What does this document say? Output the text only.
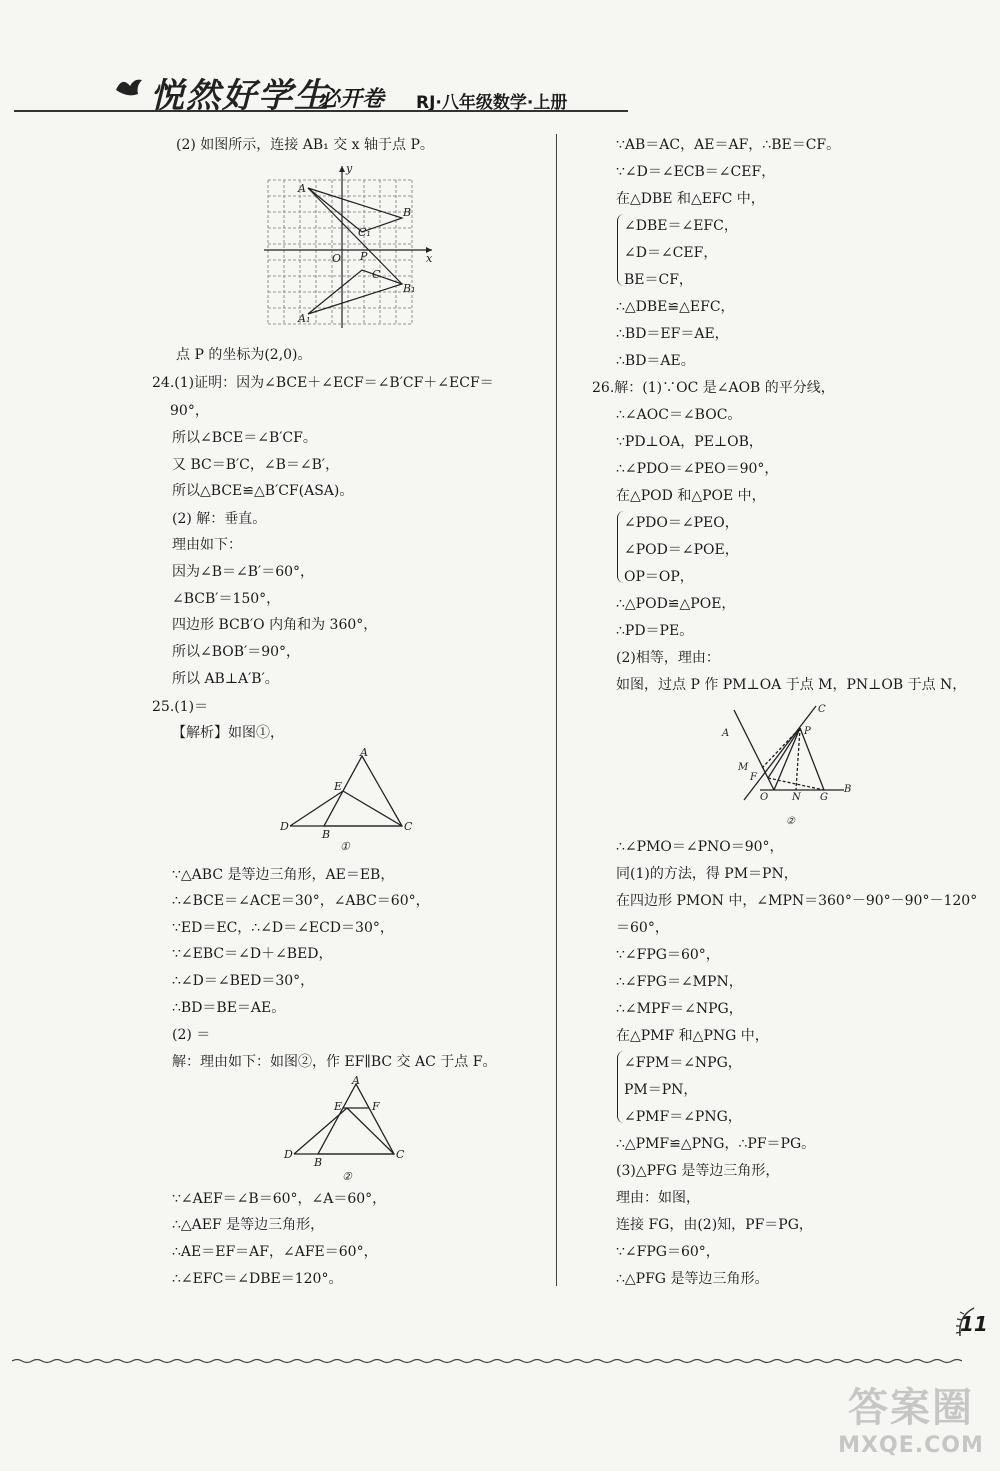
悦然好学生
必开卷 RJ·八年级数学·上册
(2) 如图所示，连接 AB₁ 交 x 轴于点 P。
点 P 的坐标为(2,0)。
24.(1)证明：因为∠BCE＋∠ECF＝∠B′CF＋∠ECF＝
90°，
所以∠BCE＝∠B′CF。
又 BC＝B′C，∠B＝∠B′，
所以△BCE≌△B′CF(ASA)。
(2) 解：垂直。
理由如下：
因为∠B＝∠B′＝60°，
∠BCB′＝150°，
四边形 BCB′O 内角和为 360°，
所以∠BOB′＝90°，
所以 AB⊥A′B′。
25.(1)＝
【解析】如图①，
∵△ABC 是等边三角形，AE＝EB，
∴∠BCE＝∠ACE＝30°，∠ABC＝60°，
∵ED＝EC，∴∠D＝∠ECD＝30°，
∵∠EBC＝∠D＋∠BED，
∴∠D＝∠BED＝30°，
∴BD＝BE＝AE。
(2) ＝
解：理由如下：如图②，作 EF∥BC 交 AC 于点 F。
∵∠AEF＝∠B＝60°，∠A＝60°，
∴△AEF 是等边三角形，
∴AE＝EF＝AF，∠AFE＝60°，
∴∠EFC＝∠DBE＝120°。
∵AB＝AC，AE＝AF，∴BE＝CF。
∵∠D＝∠ECB＝∠CEF，
在△DBE 和△EFC 中，
∠DBE＝∠EFC，
∠D＝∠CEF，
BE＝CF，
∴△DBE≌△EFC，
∴BD＝EF＝AE，
∴BD＝AE。
26.解：(1)∵OC 是∠AOB 的平分线，
∴∠AOC＝∠BOC。
∵PD⊥OA，PE⊥OB，
∴∠PDO＝∠PEO＝90°，
在△POD 和△POE 中，
∠PDO＝∠PEO，
∠POD＝∠POE，
OP＝OP，
∴△POD≌△POE，
∴PD＝PE。
(2)相等，理由：
如图，过点 P 作 PM⊥OA 于点 M，PN⊥OB 于点 N，
∴∠PMO＝∠PNO＝90°，
同(1)的方法，得 PM＝PN，
在四边形 PMON 中，∠MPN＝360°－90°－90°－120°
＝60°，
∵∠FPG＝60°，
∴∠FPG＝∠MPN，
∴∠MPF＝∠NPG，
在△PMF 和△PNG 中，
∠FPM＝∠NPG，
PM＝PN，
∠PMF＝∠PNG，
∴△PMF≌△PNG，∴PF＝PG。
(3)△PFG 是等边三角形，
理由：如图，
连接 FG，由(2)知，PF＝PG，
∵∠FPG＝60°，
∴△PFG 是等边三角形。
A
y
B
C₁
O P
C
x
B₁
A₁
A
E
D
B
C
①
A
E	F
D
B
C
②
C
A	P
M
F
O N G
B
②
11
答案圈
MXQE.COM
